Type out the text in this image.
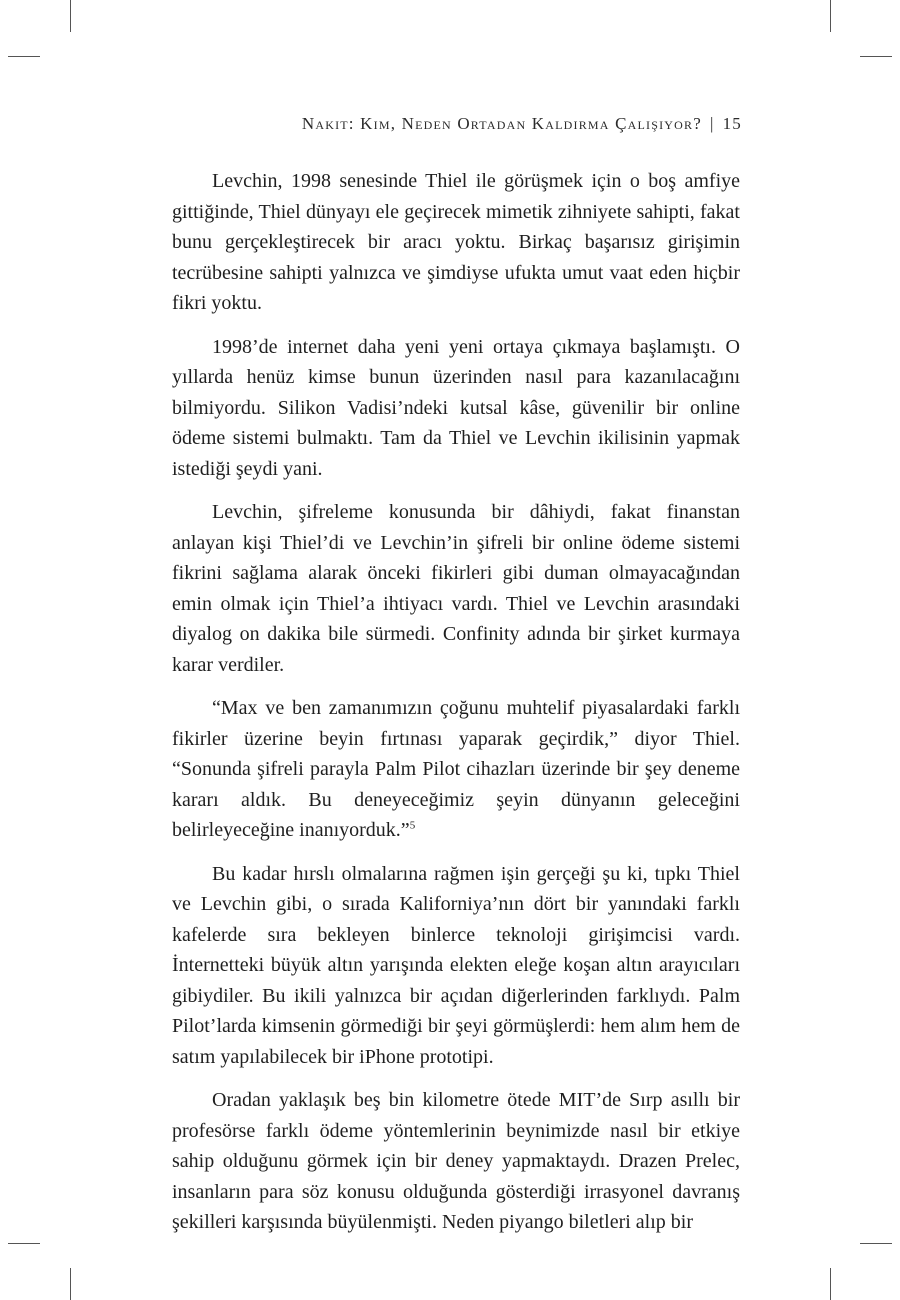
Nakit: Kim, Neden Ortadan Kaldırma Çalışıyor? | 15

Levchin, 1998 senesinde Thiel ile görüşmek için o boş amfiye gittiğinde, Thiel dünyayı ele geçirecek mimetik zihniyete sahipti, fakat bunu gerçekleştirecek bir aracı yoktu. Birkaç başarısız girişimin tecrübesine sahipti yalnızca ve şimdiyse ufukta umut vaat eden hiçbir fikri yoktu.

1998’de internet daha yeni yeni ortaya çıkmaya başlamıştı. O yıllarda henüz kimse bunun üzerinden nasıl para kazanılacağını bilmiyordu. Silikon Vadisi’ndeki kutsal kâse, güvenilir bir online ödeme sistemi bulmaktı. Tam da Thiel ve Levchin ikilisinin yapmak istediği şeydi yani.

Levchin, şifreleme konusunda bir dâhiydi, fakat finanstan anlayan kişi Thiel’di ve Levchin’in şifreli bir online ödeme sistemi fikrini sağlama alarak önceki fikirleri gibi duman olmayacağından emin olmak için Thiel’a ihtiyacı vardı. Thiel ve Levchin arasındaki diyalog on dakika bile sürmedi. Confinity adında bir şirket kurmaya karar verdiler.

“Max ve ben zamanımızın çoğunu muhtelif piyasalardaki farklı fikirler üzerine beyin fırtınası yaparak geçirdik,” diyor Thiel. “Sonunda şifreli parayla Palm Pilot cihazları üzerinde bir şey deneme kararı aldık. Bu deneyeceğimiz şeyin dünyanın geleceğini belirleyeceğine inanıyorduk.”$^5$

Bu kadar hırslı olmalarına rağmen işin gerçeği şu ki, tıpkı Thiel ve Levchin gibi, o sırada Kaliforniya’nın dört bir yanındaki farklı kafelerde sıra bekleyen binlerce teknoloji girişimcisi vardı. İnternetteki büyük altın yarışında elekten eleğe koşan altın arayıcıları gibiydiler. Bu ikili yalnızca bir açıdan diğerlerinden farklıydı. Palm Pilot’larda kimsenin görmediği bir şeyi görmüşlerdi: hem alım hem de satım yapılabilecek bir iPhone prototipi.

Oradan yaklaşık beş bin kilometre ötede MIT’de Sırp asıllı bir profesörse farklı ödeme yöntemlerinin beynimizde nasıl bir etkiye sahip olduğunu görmek için bir deney yapmaktaydı. Drazen Prelec, insanların para söz konusu olduğunda gösterdiği irrasyonel davranış şekilleri karşısında büyülenmişti. Neden piyango biletleri alıp bir
